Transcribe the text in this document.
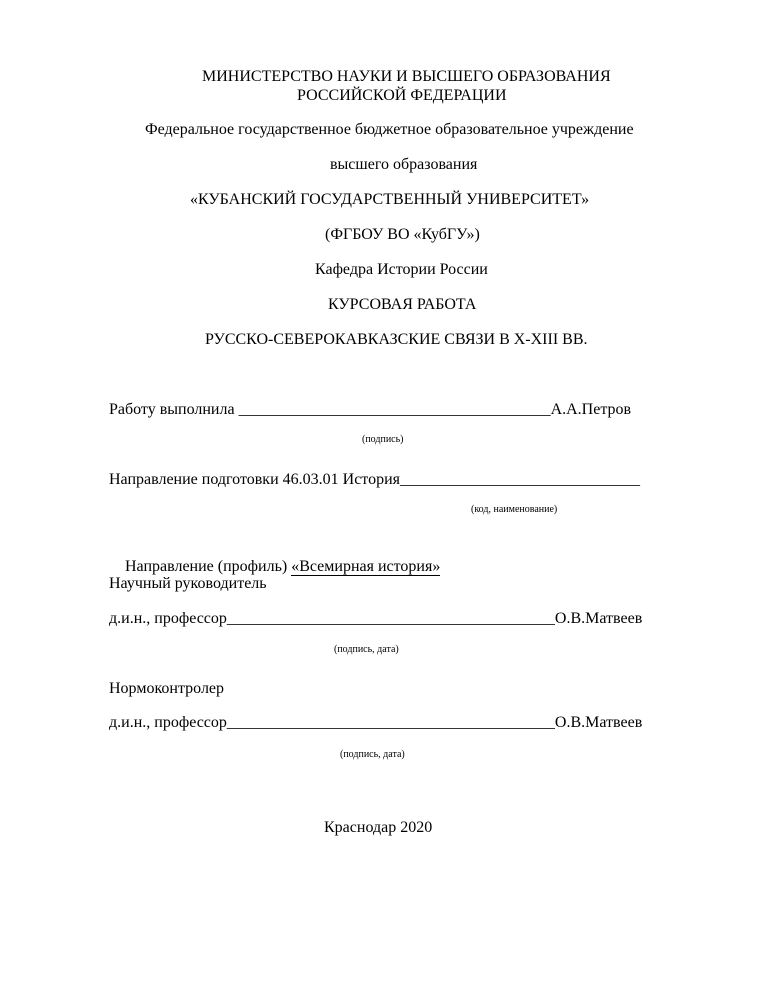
МИНИСТЕРСТВО НАУКИ И ВЫСШЕГО ОБРАЗОВАНИЯ
РОССИЙСКОЙ ФЕДЕРАЦИИ
Федеральное государственное бюджетное образовательное учреждение
высшего образования
«КУБАНСКИЙ ГОСУДАРСТВЕННЫЙ УНИВЕРСИТЕТ»
(ФГБОУ ВО «КубГУ»)
Кафедра Истории России
КУРСОВАЯ РАБОТА
РУССКО-СЕВЕРОКАВКАЗСКИЕ СВЯЗИ В X-XIII ВВ.
Работу выполнила _______________________________________А.А.Петров
(подпись)
Направление подготовки 46.03.01 История______________________________
(код, наименование)

Направление (профиль) «Всемирная история»

Научный руководитель
д.и.н., профессор_________________________________________О.В.Матвеев
(подпись, дата)
Нормоконтролер
д.и.н., профессор_________________________________________О.В.Матвеев
(подпись, дата)
Краснодар 2020
